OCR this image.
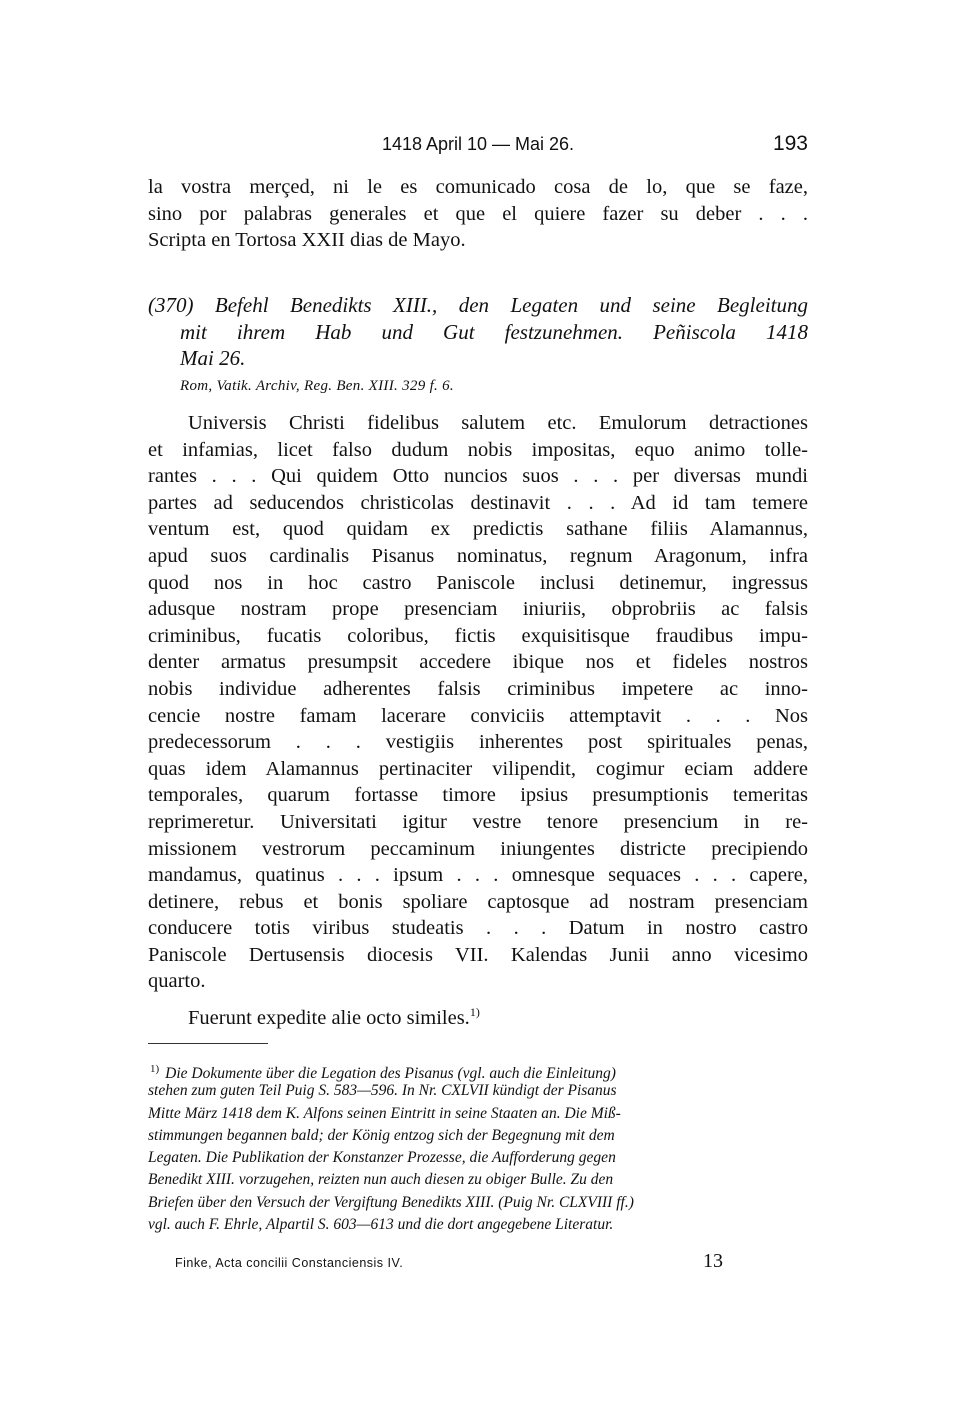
1418 April 10 — Mai 26.	193
la vostra merçed, ni le es comunicado cosa de lo, que se faze,
sino por palabras generales et que el quiere fazer su deber . . .
Scripta en Tortosa XXII dias de Mayo.
(370) Befehl Benedikts XIII., den Legaten und seine Begleitung
mit ihrem Hab und Gut festzunehmen. Peñiscola 1418
Mai 26.
Rom, Vatik. Archiv, Reg. Ben. XIII. 329 f. 6.
Universis Christi fidelibus salutem etc. Emulorum detractiones
et infamias, licet falso dudum nobis impositas, equo animo tolle-
rantes . . . Qui quidem Otto nuncios suos . . . per diversas mundi
partes ad seducendos christicolas destinavit . . . Ad id tam temere
ventum est, quod quidam ex predictis sathane filiis Alamannus,
apud suos cardinalis Pisanus nominatus, regnum Aragonum, infra
quod nos in hoc castro Paniscole inclusi detinemur, ingressus
adusque nostram prope presenciam iniuriis, obprobriis ac falsis
criminibus, fucatis coloribus, fictis exquisitisque fraudibus impu-
denter armatus presumpsit accedere ibique nos et fideles nostros
nobis individue adherentes falsis criminibus impetere ac inno-
cencie nostre famam lacerare conviciis attemptavit . . . Nos
predecessorum . . . vestigiis inherentes post spirituales penas,
quas idem Alamannus pertinaciter vilipendit, cogimur eciam addere
temporales, quarum fortasse timore ipsius presumptionis temeritas
reprimeretur. Universitati igitur vestre tenore presencium in re-
missionem vestrorum peccaminum iniungentes districte precipiendo
mandamus, quatinus . . . ipsum . . . omnesque sequaces . . . capere,
detinere, rebus et bonis spoliare captosque ad nostram presenciam
conducere totis viribus studeatis . . . Datum in nostro castro
Paniscole Dertusensis diocesis VII. Kalendas Junii anno vicesimo
quarto.
Fuerunt expedite alie octo similes.$^{1)}$
$^{1)}$ Die Dokumente über die Legation des Pisanus (vgl. auch die Einleitung)
stehen zum guten Teil Puig S. 583—596. In Nr. CXLVII kündigt der Pisanus
Mitte März 1418 dem K. Alfons seinen Eintritt in seine Staaten an. Die Miß-
stimmungen begannen bald; der König entzog sich der Begegnung mit dem
Legaten. Die Publikation der Konstanzer Prozesse, die Aufforderung gegen
Benedikt XIII. vorzugehen, reizten nun auch diesen zu obiger Bulle. Zu den
Briefen über den Versuch der Vergiftung Benedikts XIII. (Puig Nr. CLXVIII ff.)
vgl. auch F. Ehrle, Alpartil S. 603—613 und die dort angegebene Literatur.
Finke, Acta concilii Constanciensis IV.	13
